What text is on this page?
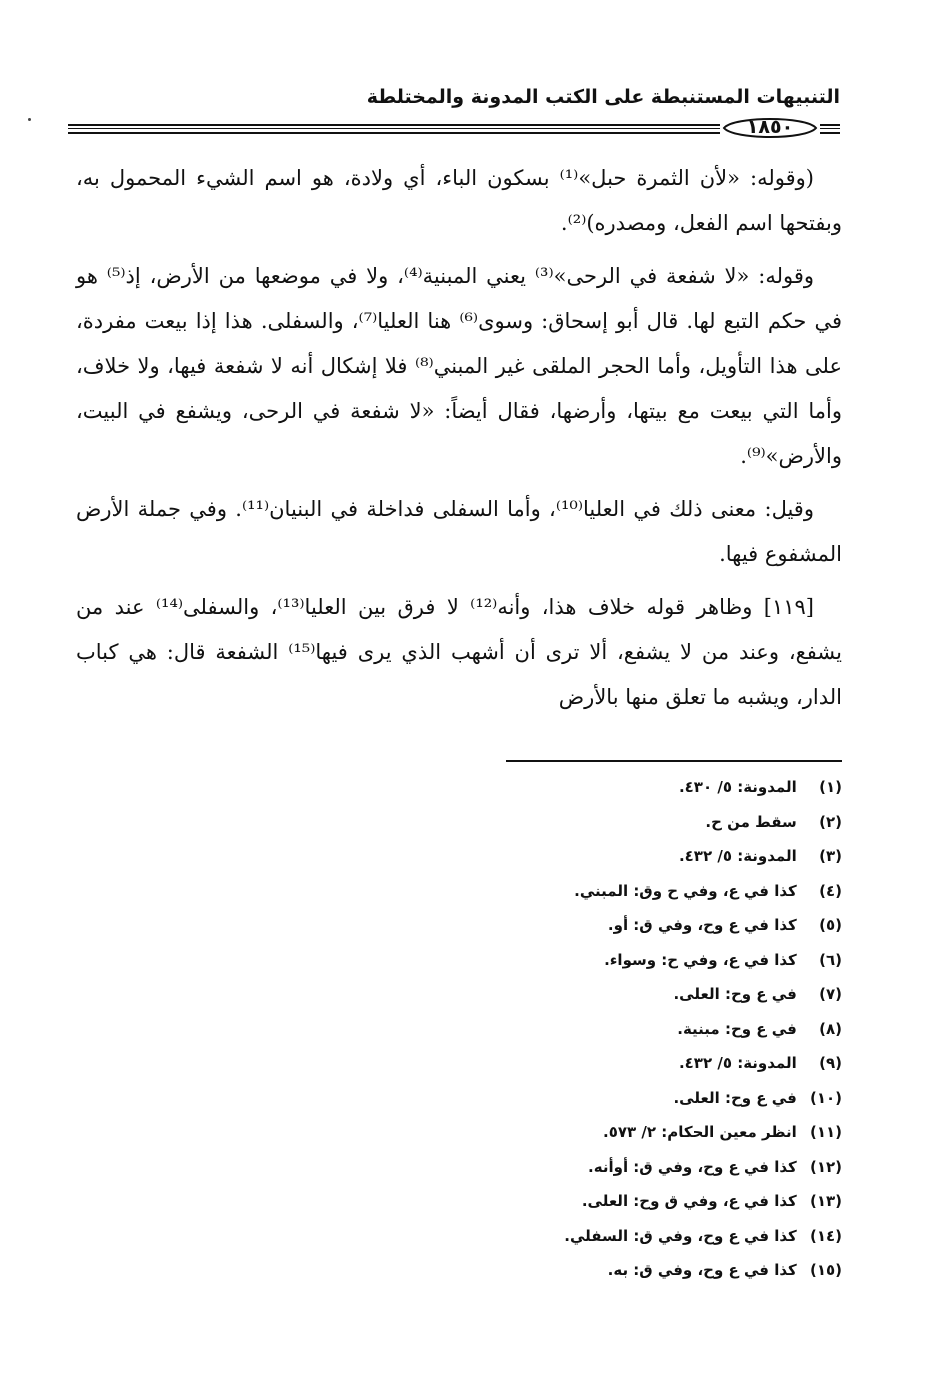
التنبيهات المستنبطة على الكتب المدونة والمختلطة
١٨٥٠

(وقوله: «لأن الثمرة حبل»⁽¹⁾ بسكون الباء، أي ولادة، هو اسم الشيء المحمول به، وبفتحها اسم الفعل، ومصدره)⁽²⁾.

وقوله: «لا شفعة في الرحى»⁽³⁾ يعني المبنية⁽⁴⁾، ولا في موضعها من الأرض، إذ⁽⁵⁾ هو في حكم التبع لها. قال أبو إسحاق: وسوى⁽⁶⁾ هنا العليا⁽⁷⁾، والسفلى. هذا إذا بيعت مفردة، على هذا التأويل، وأما الحجر الملقى غير المبني⁽⁸⁾ فلا إشكال أنه لا شفعة فيها، ولا خلاف، وأما التي بيعت مع بيتها، وأرضها، فقال أيضاً: «لا شفعة في الرحى، ويشفع في البيت، والأرض»⁽⁹⁾.

وقيل: معنى ذلك في العليا⁽¹⁰⁾، وأما السفلى فداخلة في البنيان⁽¹¹⁾. وفي جملة الأرض المشفوع فيها.

[١١٩] وظاهر قوله خلاف هذا، وأنه⁽¹²⁾ لا فرق بين العليا⁽¹³⁾، والسفلى⁽¹⁴⁾ عند من يشفع، وعند من لا يشفع، ألا ترى أن أشهب الذي يرى فيها⁽¹⁵⁾ الشفعة قال: هي كباب الدار، ويشبه ما تعلق منها بالأرض

(١) المدونة: ٥/ ٤٣٠.
(٢) سقط من ح.
(٣) المدونة: ٥/ ٤٣٢.
(٤) كذا في ع، وفي ح وق: المبني.
(٥) كذا في ع وح، وفي ق: أو.
(٦) كذا في ع، وفي ح: وسواء.
(٧) في ع وح: العلى.
(٨) في ع وح: مبنية.
(٩) المدونة: ٥/ ٤٣٢.
(١٠) في ع وح: العلى.
(١١) انظر معين الحكام: ٢/ ٥٧٣.
(١٢) كذا في ع وح، وفي ق: أوأنه.
(١٣) كذا في ع، وفي ق وح: العلى.
(١٤) كذا في ع وح، وفي ق: السفلي.
(١٥) كذا في ع وح، وفي ق: به.
